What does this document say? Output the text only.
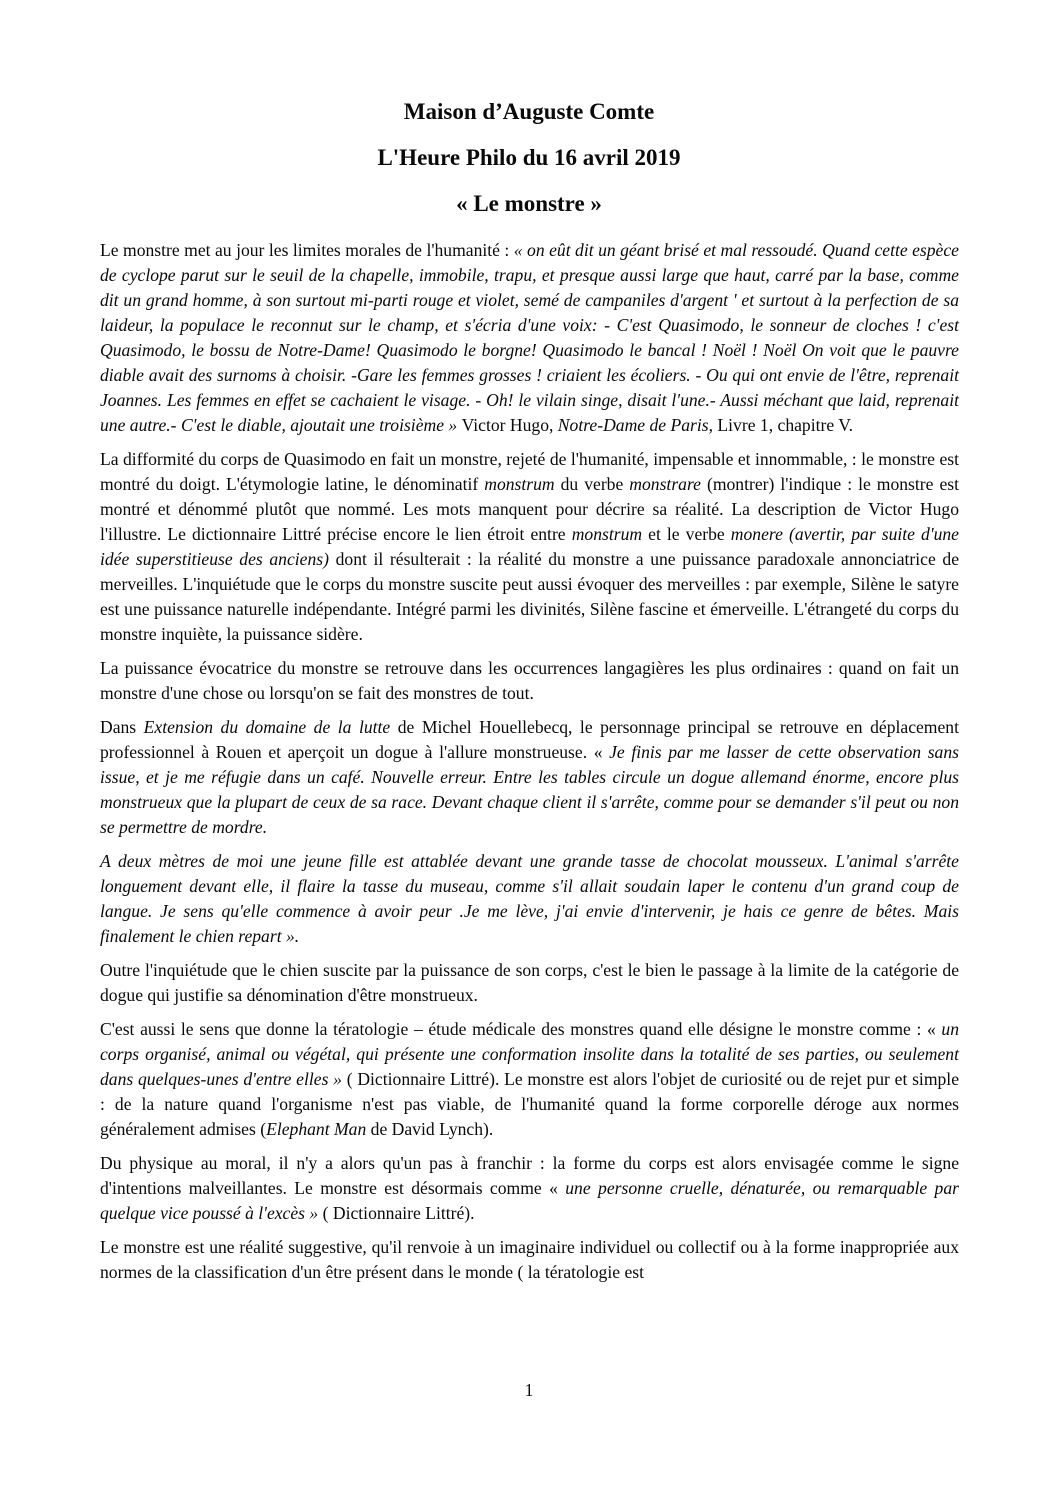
Maison d’Auguste Comte
L'Heure Philo du 16 avril 2019
« Le monstre »

Le monstre met au jour les limites morales de l'humanité : « on eût dit un géant brisé et mal ressoudé. Quand cette espèce de cyclope parut sur le seuil de la chapelle, immobile, trapu, et presque aussi large que haut, carré par la base, comme dit un grand homme, à son surtout mi-parti rouge et violet, semé de campaniles d'argent ' et surtout à la perfection de sa laideur, la populace le reconnut sur le champ, et s'écria d'une voix: - C'est Quasimodo, le sonneur de cloches ! c'est Quasimodo, le bossu de Notre-Dame! Quasimodo le borgne! Quasimodo le bancal ! Noël ! Noël On voit que le pauvre diable avait des surnoms à choisir. -Gare les femmes grosses ! criaient les écoliers. - Ou qui ont envie de l'être, reprenait Joannes. Les femmes en effet se cachaient le visage. - Oh! le vilain singe, disait l'une.- Aussi méchant que laid, reprenait une autre.- C'est le diable, ajoutait une troisième » Victor Hugo, Notre-Dame de Paris, Livre 1, chapitre V.

La difformité du corps de Quasimodo en fait un monstre, rejeté de l'humanité, impensable et innommable, : le monstre est montré du doigt. L'étymologie latine, le dénominatif monstrum du verbe monstrare (montrer) l'indique : le monstre est montré et dénommé plutôt que nommé. Les mots manquent pour décrire sa réalité. La description de Victor Hugo l'illustre. Le dictionnaire Littré précise encore le lien étroit entre monstrum et le verbe monere (avertir, par suite d'une idée superstitieuse des anciens) dont il résulterait : la réalité du monstre a une puissance paradoxale annonciatrice de merveilles. L'inquiétude que le corps du monstre suscite peut aussi évoquer des merveilles : par exemple, Silène le satyre est une puissance naturelle indépendante. Intégré parmi les divinités, Silène fascine et émerveille. L'étrangeté du corps du monstre inquiète, la puissance sidère.

La puissance évocatrice du monstre se retrouve dans les occurrences langagières les plus ordinaires : quand on fait un monstre d'une chose ou lorsqu'on se fait des monstres de tout.

Dans Extension du domaine de la lutte de Michel Houellebecq, le personnage principal se retrouve en déplacement professionnel à Rouen et aperçoit un dogue à l'allure monstrueuse. « Je finis par me lasser de cette observation sans issue, et je me réfugie dans un café. Nouvelle erreur. Entre les tables circule un dogue allemand énorme, encore plus monstrueux que la plupart de ceux de sa race. Devant chaque client il s'arrête, comme pour se demander s'il peut ou non se permettre de mordre.

A deux mètres de moi une jeune fille est attablée devant une grande tasse de chocolat mousseux. L'animal s'arrête longuement devant elle, il flaire la tasse du museau, comme s'il allait soudain laper le contenu d'un grand coup de langue. Je sens qu'elle commence à avoir peur .Je me lève, j'ai envie d'intervenir, je hais ce genre de bêtes. Mais finalement le chien repart ».

Outre l'inquiétude que le chien suscite par la puissance de son corps, c'est le bien le passage à la limite de la catégorie de dogue qui justifie sa dénomination d'être monstrueux.

C'est aussi le sens que donne la tératologie – étude médicale des monstres quand elle désigne le monstre comme : « un corps organisé, animal ou végétal, qui présente une conformation insolite dans la totalité de ses parties, ou seulement dans quelques-unes d'entre elles » ( Dictionnaire Littré). Le monstre est alors l'objet de curiosité ou de rejet pur et simple : de la nature quand l'organisme n'est pas viable, de l'humanité quand la forme corporelle déroge aux normes généralement admises (Elephant Man de David Lynch).

Du physique au moral, il n'y a alors qu'un pas à franchir : la forme du corps est alors envisagée comme le signe d'intentions malveillantes. Le monstre est désormais comme « une personne cruelle, dénaturée, ou remarquable par quelque vice poussé à l'excès » ( Dictionnaire Littré).

Le monstre est une réalité suggestive, qu'il renvoie à un imaginaire individuel ou collectif ou à la forme inappropriée aux normes de la classification d'un être présent dans le monde ( la tératologie est

1
